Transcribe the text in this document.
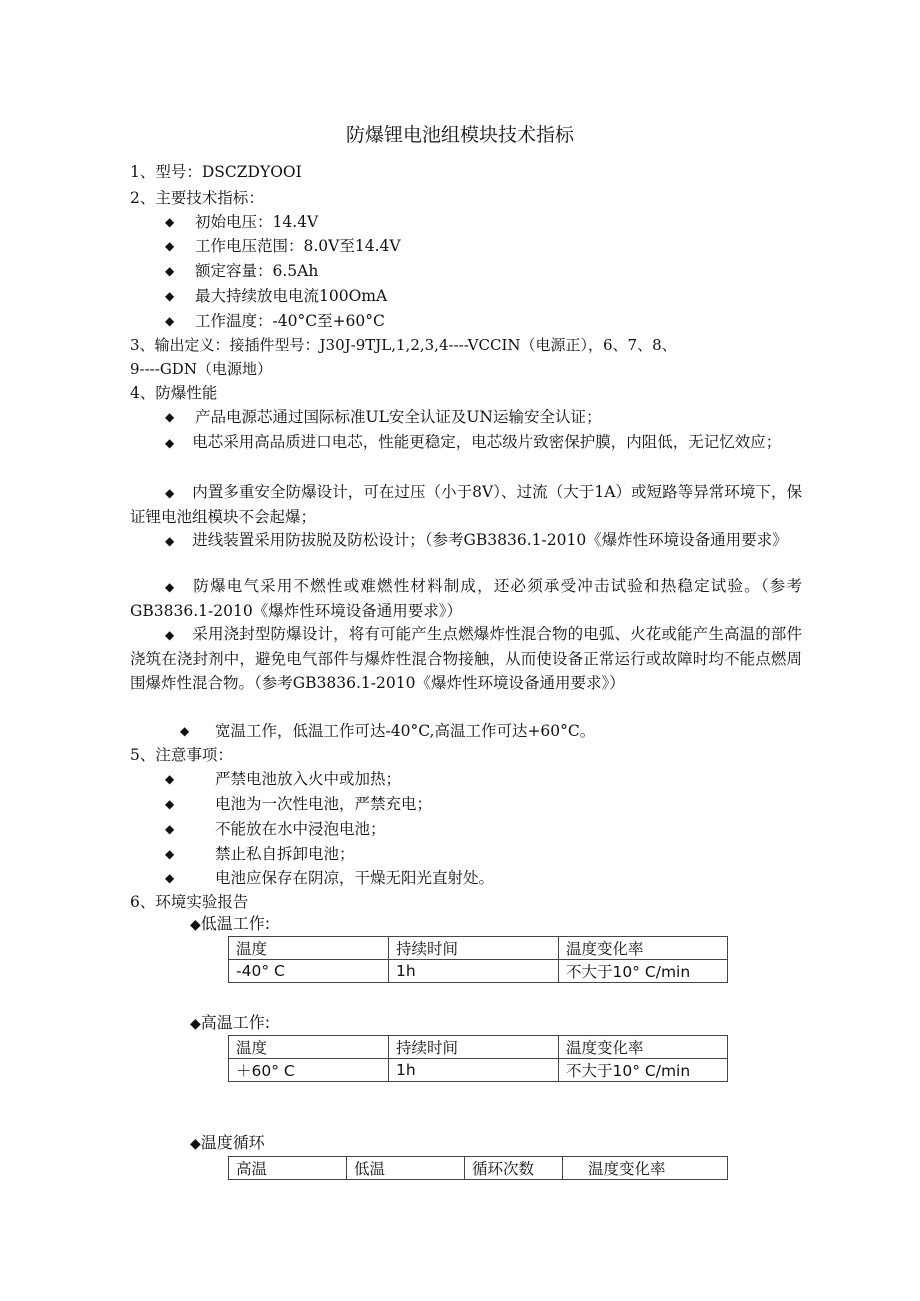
防爆锂电池组模块技术指标
1、型号：DSCZDYOOI
2、主要技术指标：
◆ 初始电压：14.4V
◆ 工作电压范围：8.0V至14.4V
◆ 额定容量：6.5Ah
◆ 最大持续放电电流100OmA
◆ 工作温度：-40°C至+60°C
3、输出定义：接插件型号：J30J-9TJL,1,2,3,4----VCCIN（电源正），6、7、8、
9----GDN（电源地）
4、防爆性能
◆ 产品电源芯通过国际标准UL安全认证及UN运输安全认证；
◆ 电芯采用高品质进口电芯，性能更稳定，电芯级片致密保护膜，内阻低，无记忆效应；
◆ 内置多重安全防爆设计，可在过压（小于8V）、过流（大于1A）或短路等异常环境下，保证锂电池组模块不会起爆；
◆ 进线装置采用防拔脱及防松设计；（参考GB3836.1-2010《爆炸性环境设备通用要求》
◆ 防爆电气采用不燃性或难燃性材料制成，还必须承受冲击试验和热稳定试验。（参考GB3836.1-2010《爆炸性环境设备通用要求》）
◆ 采用浇封型防爆设计，将有可能产生点燃爆炸性混合物的电弧、火花或能产生高温的部件浇筑在浇封剂中，避免电气部件与爆炸性混合物接触，从而使设备正常运行或故障时均不能点燃周围爆炸性混合物。（参考GB3836.1-2010《爆炸性环境设备通用要求》）
◆ 宽温工作，低温工作可达-40°C,高温工作可达+60°C。
5、注意事项：
◆	严禁电池放入火中或加热；
◆	电池为一次性电池，严禁充电；
◆	不能放在水中浸泡电池；
◆	禁止私自拆卸电池；
◆	电池应保存在阴凉，干燥无阳光直射处。
6、环境实验报告
◆低温工作:
温度	持续时间	温度变化率
-40° C	1h	不大于10° C/min
◆高温工作:
温度	持续时间	温度变化率
＋60° C	1h	不大于10° C/min
◆温度循环
高温	低温	循环次数	温度变化率
